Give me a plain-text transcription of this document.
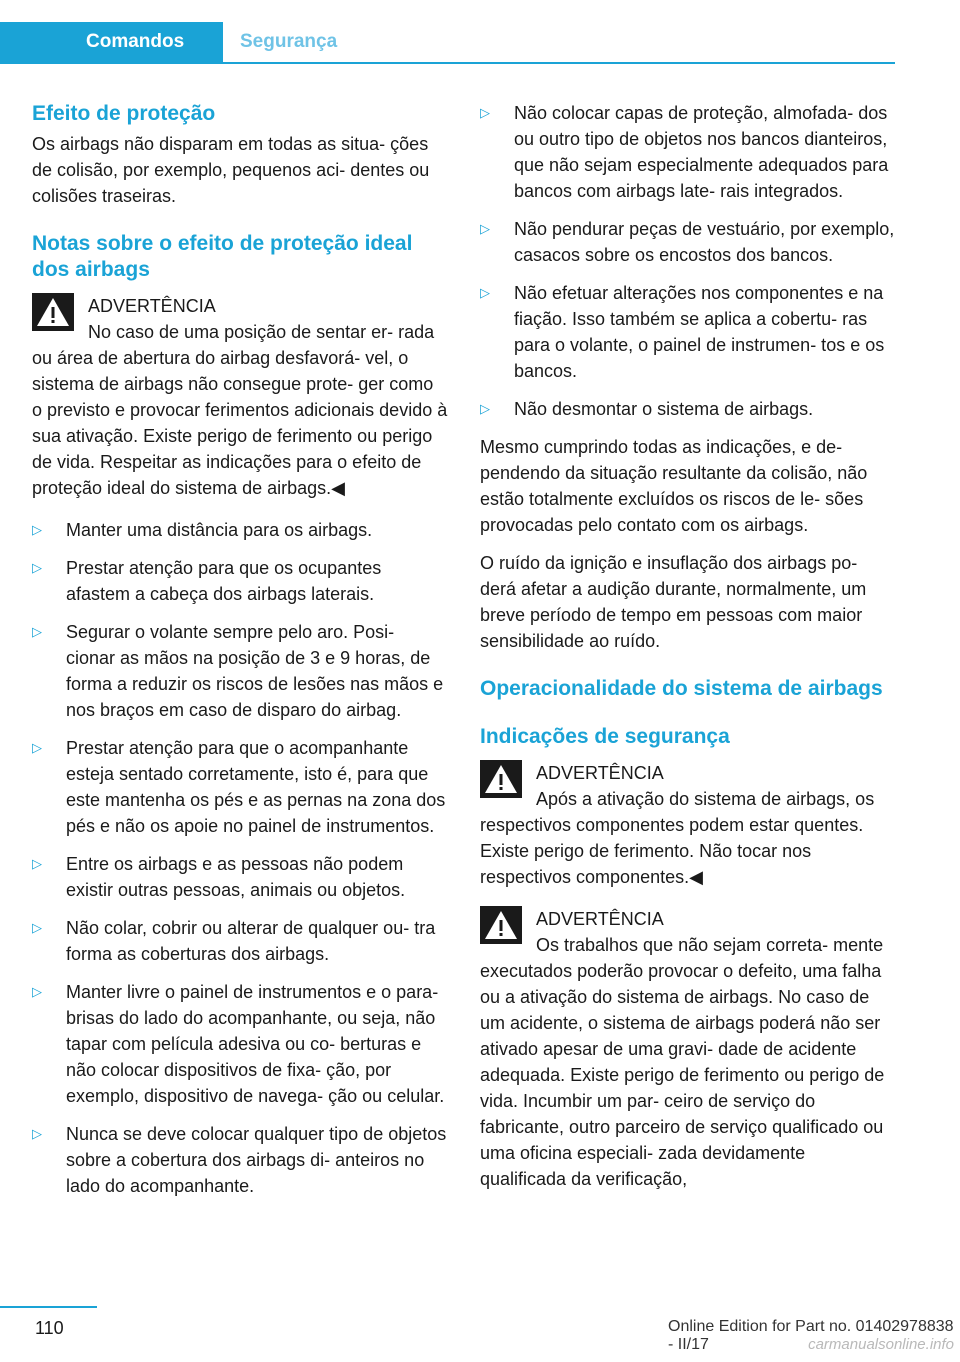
Comandos	Segurança
Efeito de proteção

Os airbags não disparam em todas as situa‐ ções de colisão, por exemplo, pequenos aci‐ dentes ou colisões traseiras.

Notas sobre o efeito de proteção ideal dos airbags
ADVERTÊNCIA
No caso de uma posição de sentar er‐ rada ou área de abertura do airbag desfavorá‐ vel, o sistema de airbags não consegue prote‐ ger como o previsto e provocar ferimentos adicionais devido à sua ativação. Existe perigo de ferimento ou perigo de vida. Respeitar as indicações para o efeito de proteção ideal do sistema de airbags.◀
▷ Manter uma distância para os airbags.
▷ Prestar atenção para que os ocupantes afastem a cabeça dos airbags laterais.
▷ Segurar o volante sempre pelo aro. Posi‐ cionar as mãos na posição de 3 e 9 horas, de forma a reduzir os riscos de lesões nas mãos e nos braços em caso de disparo do airbag.
▷ Prestar atenção para que o acompanhante esteja sentado corretamente, isto é, para que este mantenha os pés e as pernas na zona dos pés e não os apoie no painel de instrumentos.
▷ Entre os airbags e as pessoas não podem existir outras pessoas, animais ou objetos.
▷ Não colar, cobrir ou alterar de qualquer ou‐ tra forma as coberturas dos airbags.
▷ Manter livre o painel de instrumentos e o para-brisas do lado do acompanhante, ou seja, não tapar com película adesiva ou co‐ berturas e não colocar dispositivos de fixa‐ ção, por exemplo, dispositivo de navega‐ ção ou celular.
▷ Nunca se deve colocar qualquer tipo de objetos sobre a cobertura dos airbags di‐ anteiros no lado do acompanhante.
▷ Não colocar capas de proteção, almofada‐ dos ou outro tipo de objetos nos bancos dianteiros, que não sejam especialmente adequados para bancos com airbags late‐ rais integrados.
▷ Não pendurar peças de vestuário, por exemplo, casacos sobre os encostos dos bancos.
▷ Não efetuar alterações nos componentes e na fiação. Isso também se aplica a cobertu‐ ras para o volante, o painel de instrumen‐ tos e os bancos.
▷ Não desmontar o sistema de airbags.

Mesmo cumprindo todas as indicações, e de‐ pendendo da situação resultante da colisão, não estão totalmente excluídos os riscos de le‐ sões provocadas pelo contato com os airbags.

O ruído da ignição e insuflação dos airbags po‐ derá afetar a audição durante, normalmente, um breve período de tempo em pessoas com maior sensibilidade ao ruído.

Operacionalidade do sistema de airbags
Indicações de segurança
ADVERTÊNCIA
Após a ativação do sistema de airbags, os respectivos componentes podem estar quentes. Existe perigo de ferimento. Não tocar nos respectivos componentes.◀
ADVERTÊNCIA
Os trabalhos que não sejam correta‐ mente executados poderão provocar o defeito, uma falha ou a ativação do sistema de airbags. No caso de um acidente, o sistema de airbags poderá não ser ativado apesar de uma gravi‐ dade de acidente adequada. Existe perigo de ferimento ou perigo de vida. Incumbir um par‐ ceiro de serviço do fabricante, outro parceiro de serviço qualificado ou uma oficina especiali‐ zada devidamente qualificada da verificação,
110	Online Edition for Part no. 01402978838 - II/17	carmanualsonline.info
